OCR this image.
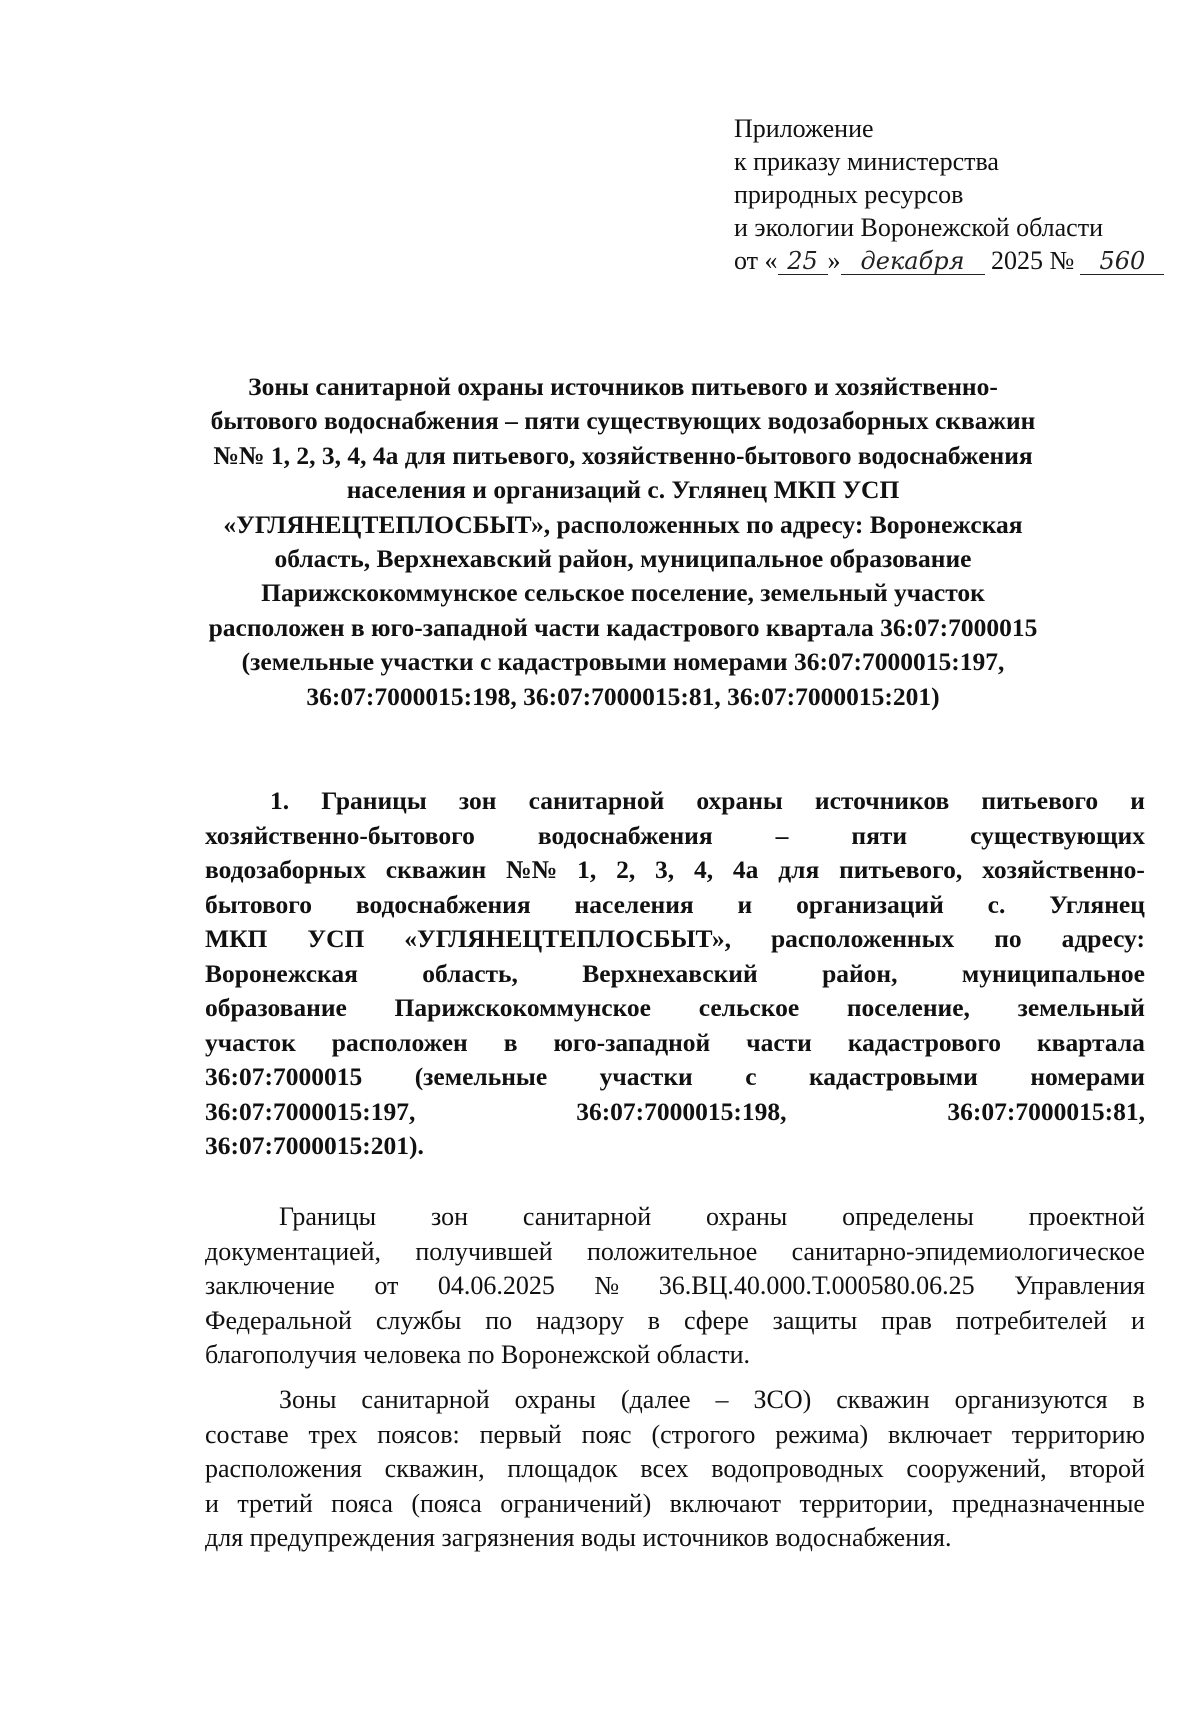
Приложение
к приказу министерства
природных ресурсов
и экологии Воронежской области
от « 25 » декабря 2025 № 560
Зоны санитарной охраны источников питьевого и хозяйственно-
бытового водоснабжения – пяти существующих водозаборных скважин
№№ 1, 2, 3, 4, 4а для питьевого, хозяйственно-бытового водоснабжения
населения и организаций с. Углянец МКП УСП
«УГЛЯНЕЦТЕПЛОСБЫТ», расположенных по адресу: Воронежская
область, Верхнехавский район, муниципальное образование
Парижскокоммунское сельское поселение, земельный участок
расположен в юго-западной части кадастрового квартала 36:07:7000015
(земельные участки с кадастровыми номерами 36:07:7000015:197,
36:07:7000015:198, 36:07:7000015:81, 36:07:7000015:201)
1. Границы зон санитарной охраны источников питьевого и
хозяйственно-бытового водоснабжения – пяти существующих
водозаборных скважин №№ 1, 2, 3, 4, 4а для питьевого, хозяйственно-
бытового водоснабжения населения и организаций с. Углянец
МКП УСП «УГЛЯНЕЦТЕПЛОСБЫТ», расположенных по адресу:
Воронежская	область,	Верхнехавский	район,	муниципальное
образование Парижскокоммунское сельское поселение, земельный
участок расположен в юго-западной части кадастрового квартала
36:07:7000015 (земельные участки с кадастровыми номерами
36:07:7000015:197,	36:07:7000015:198,	36:07:7000015:81,
36:07:7000015:201).
Границы зон санитарной охраны определены проектной
документацией, получившей положительное санитарно-эпидемиологическое
заключение от 04.06.2025 № 36.ВЦ.40.000.Т.000580.06.25 Управления
Федеральной службы по надзору в сфере защиты прав потребителей и
благополучия человека по Воронежской области.
Зоны санитарной охраны (далее – ЗСО) скважин организуются в
составе трех поясов: первый пояс (строгого режима) включает территорию
расположения скважин, площадок всех водопроводных сооружений, второй
и третий пояса (пояса ограничений) включают территории, предназначенные
для предупреждения загрязнения воды источников водоснабжения.
